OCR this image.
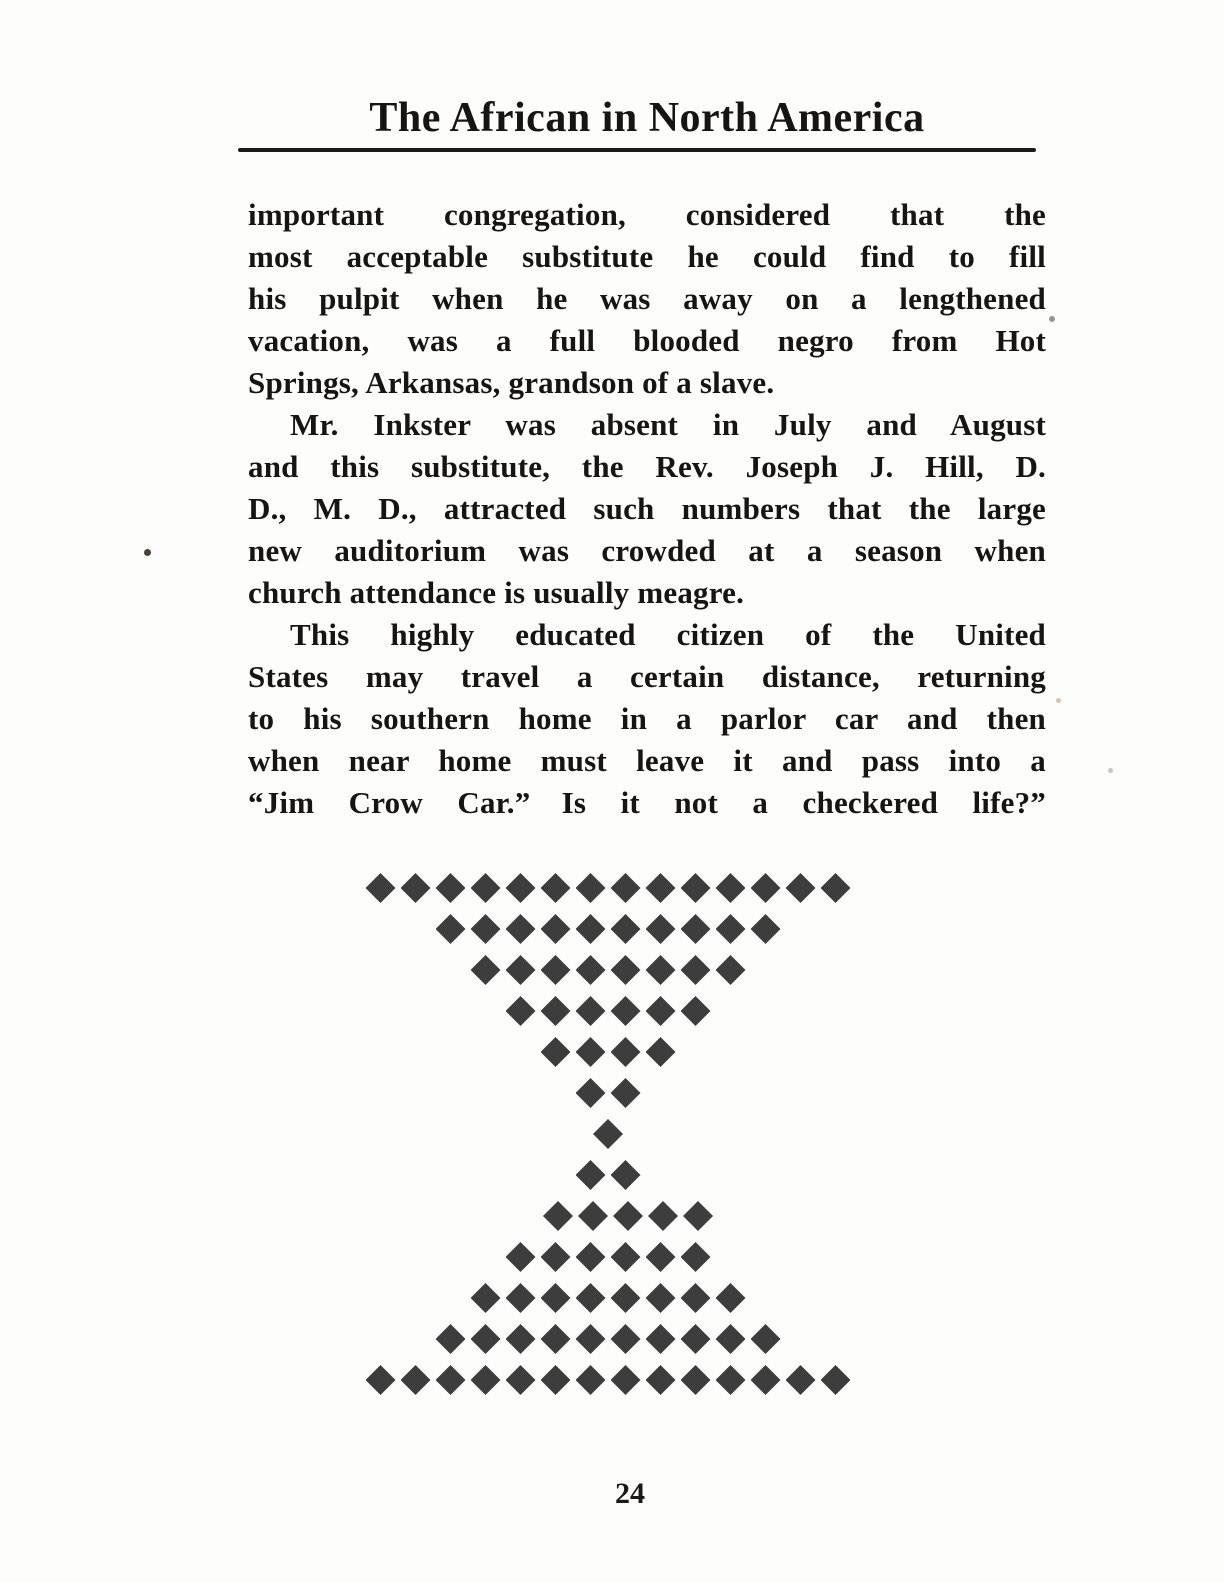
The African in North America

important congregation, considered that the
most acceptable substitute he could find to fill
his pulpit when he was away on a lengthened
vacation, was a full blooded negro from Hot
Springs, Arkansas, grandson of a slave.

Mr. Inkster was absent in July and August
and this substitute, the Rev. Joseph J. Hill, D.
D., M. D., attracted such numbers that the large
new auditorium was crowded at a season when
church attendance is usually meagre.

This highly educated citizen of the United
States may travel a certain distance, returning
to his southern home in a parlor car and then
when near home must leave it and pass into a
“Jim Crow Car.” Is it not a checkered life?”

24
